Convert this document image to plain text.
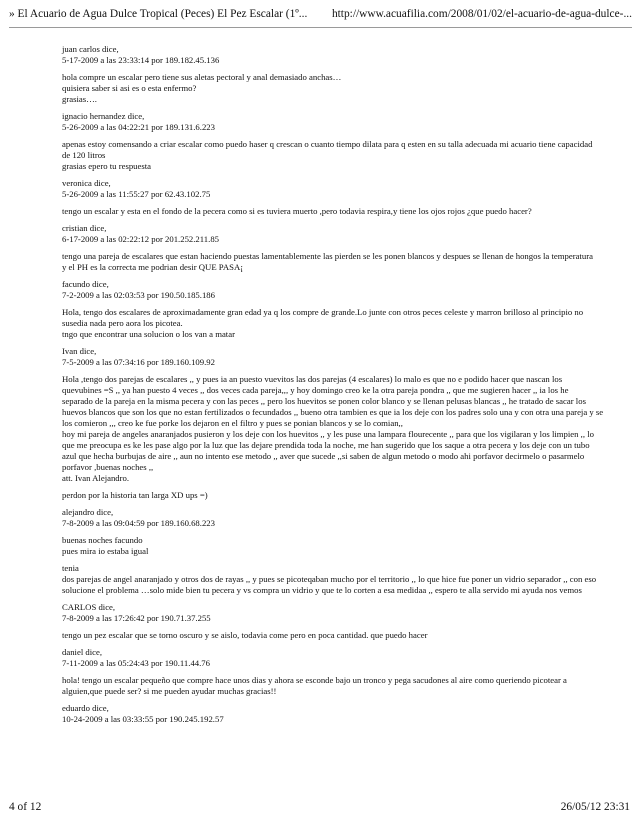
» El Acuario de Agua Dulce Tropical (Peces) El Pez Escalar (1º... http://www.acuafilia.com/2008/01/02/el-acuario-de-agua-dulce-...
juan carlos dice,
5-17-2009 a las 23:33:14 por 189.182.45.136
hola compre un escalar pero tiene sus aletas pectoral y anal demasiado anchas…
quisiera saber si asi es o esta enfermo?
grasias….
ignacio hernandez dice,
5-26-2009 a las 04:22:21 por 189.131.6.223
apenas estoy comensando a criar escalar como puedo haser q crescan o cuanto tiempo dilata para q esten en su talla adecuada mi acuario tiene capacidad
de 120 litros
grasias epero tu respuesta
veronica dice,
5-26-2009 a las 11:55:27 por 62.43.102.75
tengo un escalar y esta en el fondo de la pecera como si es tuviera muerto ,pero todavia respira,y tiene los ojos rojos ¿que puedo hacer?
cristian dice,
6-17-2009 a las 02:22:12 por 201.252.211.85
tengo una pareja de escalares que estan haciendo puestas lamentablemente las pierden se les ponen blancos y despues se llenan de hongos la temperatura
y el PH es la correcta me podrian desir QUE PASA¡
facundo dice,
7-2-2009 a las 02:03:53 por 190.50.185.186
Hola, tengo dos escalares de aproximadamente gran edad ya q los compre de grande.Lo junte con otros peces celeste y marron brilloso al principio no
susedia nada pero aora los picotea.
tngo que encontrar una solucion o los van a matar
Ivan dice,
7-5-2009 a las 07:34:16 por 189.160.109.92
Hola ,tengo dos parejas de escalares ,, y pues ia an puesto vuevitos las dos parejas (4 escalares) lo malo es que no e podido hacer que nascan los
quevubines =S ,, ya han puesto 4 veces ,, dos veces cada pareja,,, y hoy domingo creo ke la otra pareja pondra ,, que me sugieren hacer ,, ia los he
separado de la pareja en la misma pecera y con las peces ,, pero los huevitos se ponen color blanco y se llenan pelusas blancas ,, he tratado de sacar los
huevos blancos que son los que no estan fertilizados o fecundados ,, bueno otra tambien es que ia los deje con los padres solo una y con otra una pareja y se
los comieron ,,, creo ke fue porke los dejaron en el filtro y pues se ponian blancos y se lo comian,,
hoy mi pareja de angeles anaranjados pusieron y los deje con los huevitos ,, y les puse una lampara flourecente ,, para que los vigilaran y los limpien ,, lo
que me preocupa es ke les pase algo por la luz que las dejare prendida toda la noche, me han sugerido que los saque a otra pecera y los deje con un tubo
azul que hecha burbujas de aire ,, aun no intento ese metodo ,, aver que sucede ,,si saben de algun metodo o modo ahi porfavor decirmelo o pasarmelo
porfavor ,buenas noches ,,
att. Ivan Alejandro.
perdon por la historia tan larga XD ups =)
alejandro dice,
7-8-2009 a las 09:04:59 por 189.160.68.223
buenas noches facundo
pues mira io estaba igual
tenia
dos parejas de angel anaranjado y otros dos de rayas ,, y pues se picoteqaban mucho por el territorio ,, lo que hice fue poner un vidrio separador ,, con eso
solucione el problema …solo mide bien tu pecera y vs compra un vidrio y que te lo corten a esa medidaa ,, espero te alla servido mi ayuda nos vemos
CARLOS dice,
7-8-2009 a las 17:26:42 por 190.71.37.255
tengo un pez escalar que se torno oscuro y se aislo, todavia come pero en poca cantidad. que puedo hacer
daniel dice,
7-11-2009 a las 05:24:43 por 190.11.44.76
hola! tengo un escalar pequeño que compre hace unos dias y ahora se esconde bajo un tronco y pega sacudones al aire como queriendo picotear a
alguien,que puede ser? si me pueden ayudar muchas gracias!!
eduardo dice,
10-24-2009 a las 03:33:55 por 190.245.192.57
4 of 12	26/05/12 23:31
